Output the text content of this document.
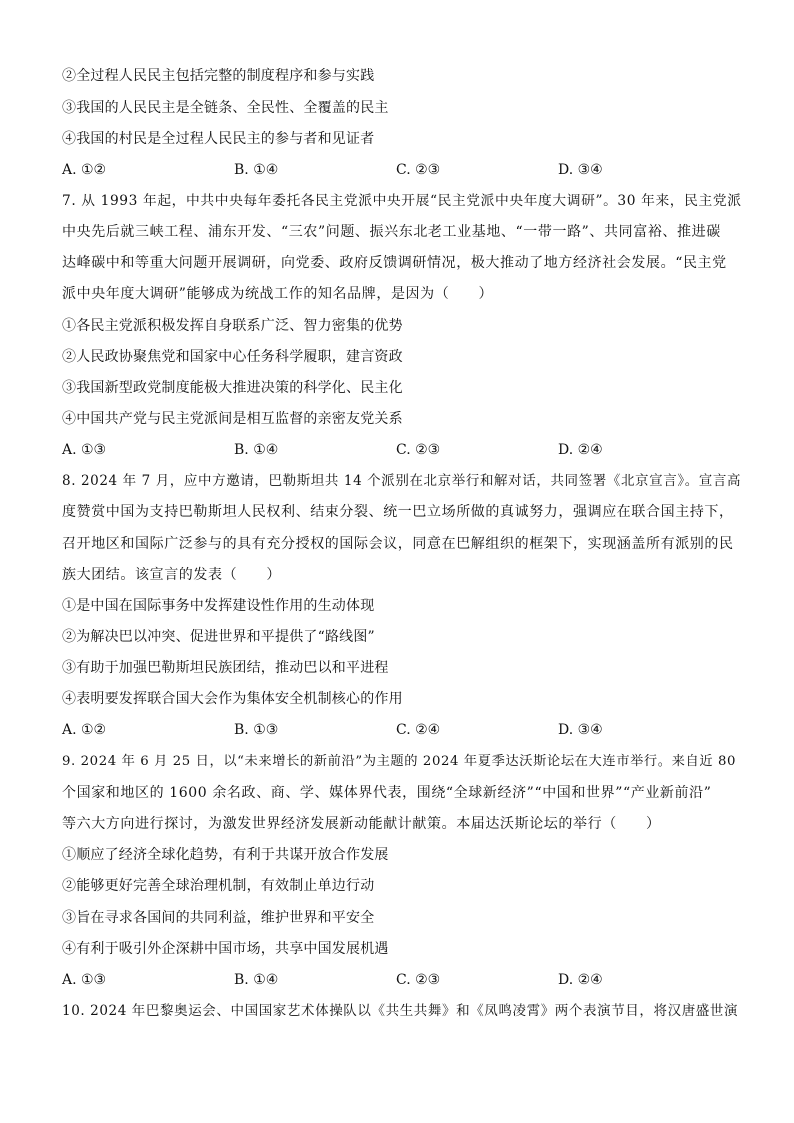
②全过程人民民主包括完整的制度程序和参与实践
③我国的人民民主是全链条、全民性、全覆盖的民主
④我国的村民是全过程人民民主的参与者和见证者
A. ①②	B. ①④	C. ②③	D. ③④
7. 从 1993 年起，中共中央每年委托各民主党派中央开展“民主党派中央年度大调研”。30 年来，民主党派
中央先后就三峡工程、浦东开发、“三农”问题、振兴东北老工业基地、“一带一路”、共同富裕、推进碳
达峰碳中和等重大问题开展调研，向党委、政府反馈调研情况，极大推动了地方经济社会发展。“民主党
派中央年度大调研”能够成为统战工作的知名品牌，是因为（　　）
①各民主党派积极发挥自身联系广泛、智力密集的优势
②人民政协聚焦党和国家中心任务科学履职，建言资政
③我国新型政党制度能极大推进决策的科学化、民主化
④中国共产党与民主党派间是相互监督的亲密友党关系
A. ①③	B. ①④	C. ②③	D. ②④
8. 2024 年 7 月，应中方邀请，巴勒斯坦共 14 个派别在北京举行和解对话，共同签署《北京宣言》。宣言高
度赞赏中国为支持巴勒斯坦人民权利、结束分裂、统一巴立场所做的真诚努力，强调应在联合国主持下，
召开地区和国际广泛参与的具有充分授权的国际会议，同意在巴解组织的框架下，实现涵盖所有派别的民
族大团结。该宣言的发表（　　）
①是中国在国际事务中发挥建设性作用的生动体现
②为解决巴以冲突、促进世界和平提供了“路线图”
③有助于加强巴勒斯坦民族团结，推动巴以和平进程
④表明要发挥联合国大会作为集体安全机制核心的作用
A. ①②	B. ①③	C. ②④	D. ③④
9. 2024 年 6 月 25 日，以“未来增长的新前沿”为主题的 2024 年夏季达沃斯论坛在大连市举行。来自近 80
个国家和地区的 1600 余名政、商、学、媒体界代表，围绕“全球新经济”“中国和世界”“产业新前沿”
等六大方向进行探讨，为激发世界经济发展新动能献计献策。本届达沃斯论坛的举行（　　）
①顺应了经济全球化趋势，有利于共谋开放合作发展
②能够更好完善全球治理机制，有效制止单边行动
③旨在寻求各国间的共同利益，维护世界和平安全
④有利于吸引外企深耕中国市场，共享中国发展机遇
A. ①③	B. ①④	C. ②③	D. ②④
10. 2024 年巴黎奥运会、中国国家艺术体操队以《共生共舞》和《凤鸣凌霄》两个表演节目，将汉唐盛世演
